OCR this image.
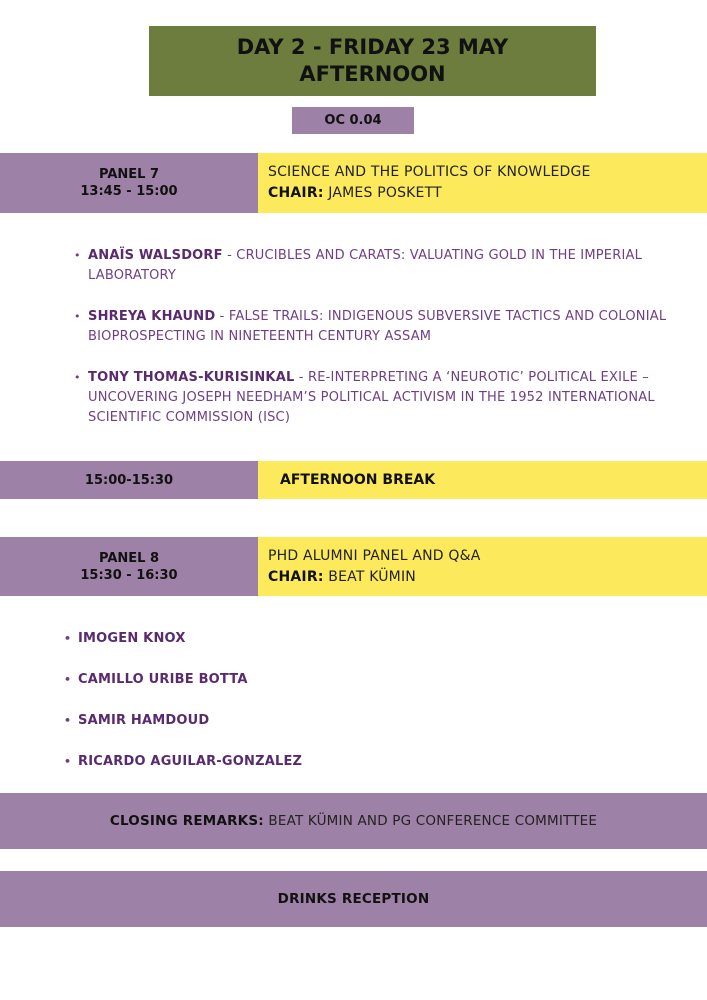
DAY 2 - FRIDAY 23 MAY
AFTERNOON
OC 0.04
PANEL 7
13:45 - 15:00
SCIENCE AND THE POLITICS OF KNOWLEDGE
CHAIR: JAMES POSKETT
• ANAÏS WALSDORF - CRUCIBLES AND CARATS: VALUATING GOLD IN THE IMPERIAL LABORATORY
• SHREYA KHAUND - FALSE TRAILS: INDIGENOUS SUBVERSIVE TACTICS AND COLONIAL BIOPROSPECTING IN NINETEENTH CENTURY ASSAM
• TONY THOMAS-KURISINKAL - RE-INTERPRETING A ‘NEUROTIC’ POLITICAL EXILE – UNCOVERING JOSEPH NEEDHAM’S POLITICAL ACTIVISM IN THE 1952 INTERNATIONAL SCIENTIFIC COMMISSION (ISC)
15:00-15:30	AFTERNOON BREAK
PANEL 8
15:30 - 16:30
PHD ALUMNI PANEL AND Q&A
CHAIR: BEAT KÜMIN
• IMOGEN KNOX
• CAMILLO URIBE BOTTA
• SAMIR HAMDOUD
• RICARDO AGUILAR-GONZALEZ
CLOSING REMARKS:
BEAT KÜMIN AND PG CONFERENCE COMMITTEE
DRINKS RECEPTION
